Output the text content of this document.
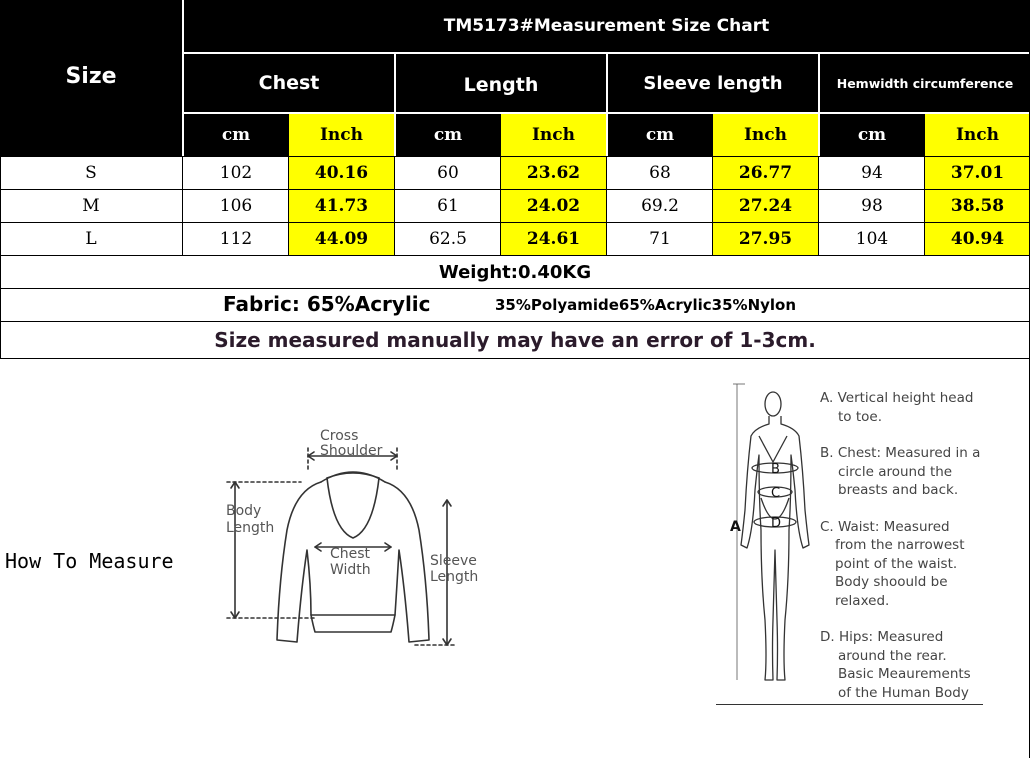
Size
TM5173#Measurement Size Chart
Chest	Length	Sleeve length	Hemwidth circumference
cm	Inch	cm	Inch	cm	Inch	cm	Inch
S	102	40.16	60	23.62	68	26.77	94	37.01
M	106	41.73	61	24.02	69.2	27.24	98	38.58
L	112	44.09	62.5	24.61	71	27.95	104	40.94
Weight:0.40KG
Fabric: 65%Acrylic	35%Polyamide65%Acrylic35%Nylon
Size measured manually may have an error of 1-3cm.
How To Measure
Cross
Shoulder
Body
Length
Chest
Width
Sleeve
Length
A
B
C
D
A. Vertical height head
to toe.
B. Chest: Measured in a
circle around the
breasts and back.
C. Waist: Measured
from the narrowest
point of the waist.
Body shoould be
relaxed.
D. Hips: Measured
around the rear.
Basic Meaurements
of the Human Body
